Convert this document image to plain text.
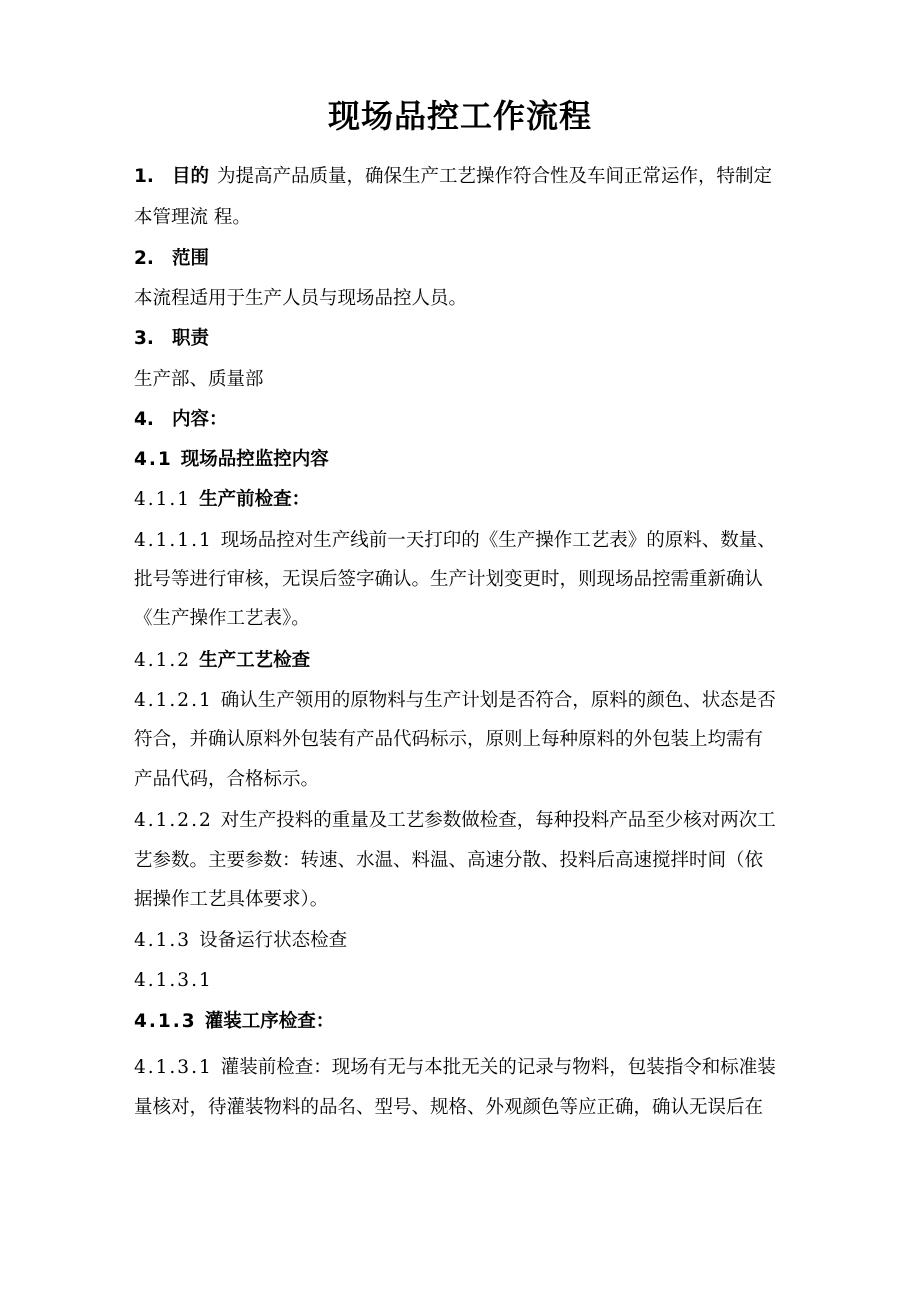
现场品控工作流程
1. 目的 为提高产品质量，确保生产工艺操作符合性及车间正常运作，特制定
本管理流 程。
2. 范围
本流程适用于生产人员与现场品控人员。
3. 职责
生产部、质量部
4. 内容：
4.1 现场品控监控内容
4.1.1 生产前检查：
4.1.1.1 现场品控对生产线前一天打印的《生产操作工艺表》的原料、数量、
批号等进行审核，无误后签字确认。生产计划变更时，则现场品控需重新确认
《生产操作工艺表》。
4.1.2 生产工艺检查
4.1.2.1 确认生产领用的原物料与生产计划是否符合，原料的颜色、状态是否
符合，并确认原料外包装有产品代码标示，原则上每种原料的外包装上均需有
产品代码，合格标示。
4.1.2.2 对生产投料的重量及工艺参数做检查，每种投料产品至少核对两次工
艺参数。主要参数：转速、水温、料温、高速分散、投料后高速搅拌时间（依
据操作工艺具体要求）。
4.1.3 设备运行状态检查
4.1.3.1
4.1.3 灌装工序检查：
4.1.3.1 灌装前检查：现场有无与本批无关的记录与物料，包装指令和标准装
量核对，待灌装物料的品名、型号、规格、外观颜色等应正确，确认无误后在
